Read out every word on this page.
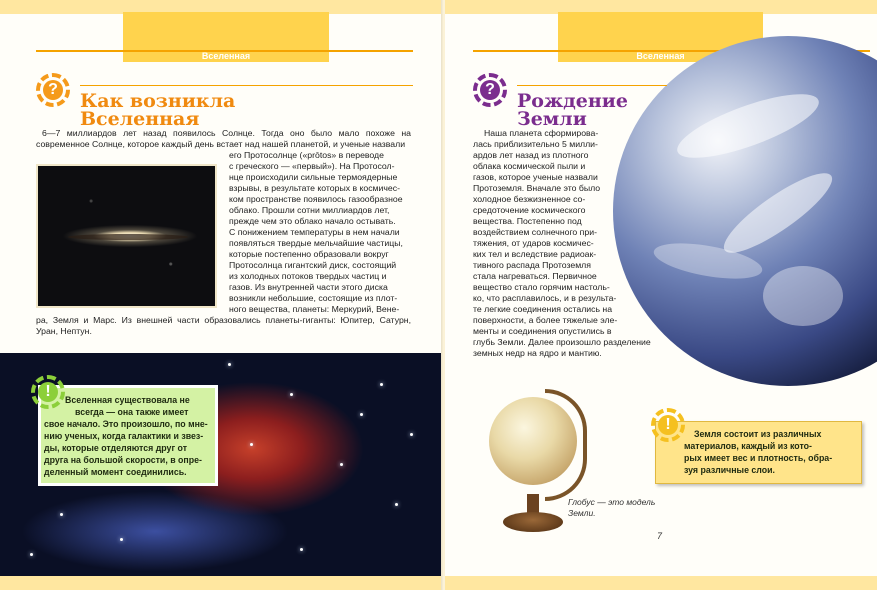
Вселенная
?
Как возникла
Вселенная
6—7 миллиардов лет назад появилось Солнце. Тогда оно было мало похоже на современное Солнце, которое каждый день встает над нашей планетой, и ученые назвали
его Протосолнце («prōtos» в переводе
с греческого — «первый»). На Протосол-
нце происходили сильные термоядерные
взрывы, в результате которых в космичес-
ком пространстве появилось газообразное
облако. Прошли сотни миллиардов лет,
прежде чем это облако начало остывать.
С понижением температуры в нем начали
появляться твердые мельчайшие частицы,
которые постепенно образовали вокруг
Протосолнца гигантский диск, состоящий
из холодных потоков твердых частиц и
газов. Из внутренней части этого диска
возникли небольшие, состоящие из плот-
ного вещества, планеты: Меркурий, Вене-
ра, Земля и Марс. Из внешней части образовались планеты-гиганты: Юпитер, Сатурн, Уран, Нептун.
Вселенная существовала не
всегда — она также имеет
свое начало. Это произошло, по мне-
нию ученых, когда галактики и звез-
ды, которые отделяются друг от
друга на большой скорости, в опре-
деленный момент соединились.
!
Вселенная
?
Рождение
Земли
Наша планета сформирова-
лась приблизительно 5 милли-
ардов лет назад из плотного
облака космической пыли и
газов, которое ученые назвали
Протоземля. Вначале это было
холодное безжизненное со-
средоточение космического
вещества. Постепенно под
воздействием солнечного при-
тяжения, от ударов космичес-
ких тел и вследствие радиоак-
тивного распада Протоземля
стала нагреваться. Первичное
вещество стало горячим настоль-
ко, что расплавилось, и в результа-
те легкие соединения остались на
поверхности, а более тяжелые эле-
менты и соединения опустились в
глубь Земли. Далее произошло разделение
земных недр на ядро и мантию.
Глобус — это модель
Земли.
Земля состоит из различных
материалов, каждый из кото-
рых имеет вес и плотность, обра-
зуя различные слои.
!
7
